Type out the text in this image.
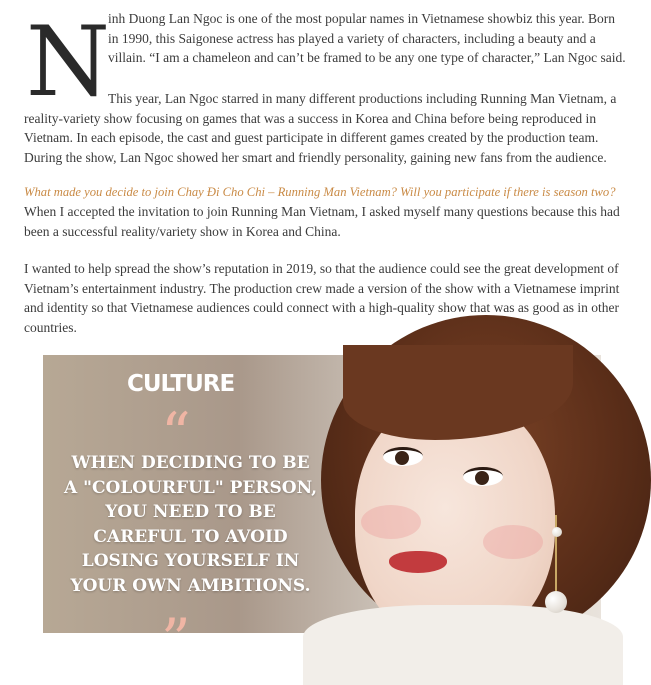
N

inh Duong Lan Ngoc is one of the most popular names in Vietnamese showbiz this year. Born in 1990, this Saigonese actress has played a variety of characters, including a beauty and a villain. “I am a chameleon and can’t be framed to be any one type of character,” Lan Ngoc said.

This year, Lan Ngoc starred in many different productions including Running Man Vietnam, a reality-variety show focusing on games that was a success in Korea and China before being reproduced in Vietnam. In each episode, the cast and guest participate in different games created by the production team. During the show, Lan Ngoc showed her smart and friendly personality, gaining new fans from the audience.

What made you decide to join Chay Đi Cho Chi – Running Man Vietnam? Will you participate if there is season two?

When I accepted the invitation to join Running Man Vietnam, I asked myself many questions because this had been a successful reality/variety show in Korea and China.

I wanted to help spread the show’s reputation in 2019, so that the audience could see the great development of Vietnam’s entertainment industry. The production crew made a version of the show with a Vietnamese imprint and identity so that Vietnamese audiences could connect with a high-quality show that was as good as in other countries.

CULTURE
“
WHEN DECIDING TO BE A "COLOURFUL" PERSON, YOU NEED TO BE CAREFUL TO AVOID LOSING YOURSELF IN YOUR OWN AMBITIONS.
”
